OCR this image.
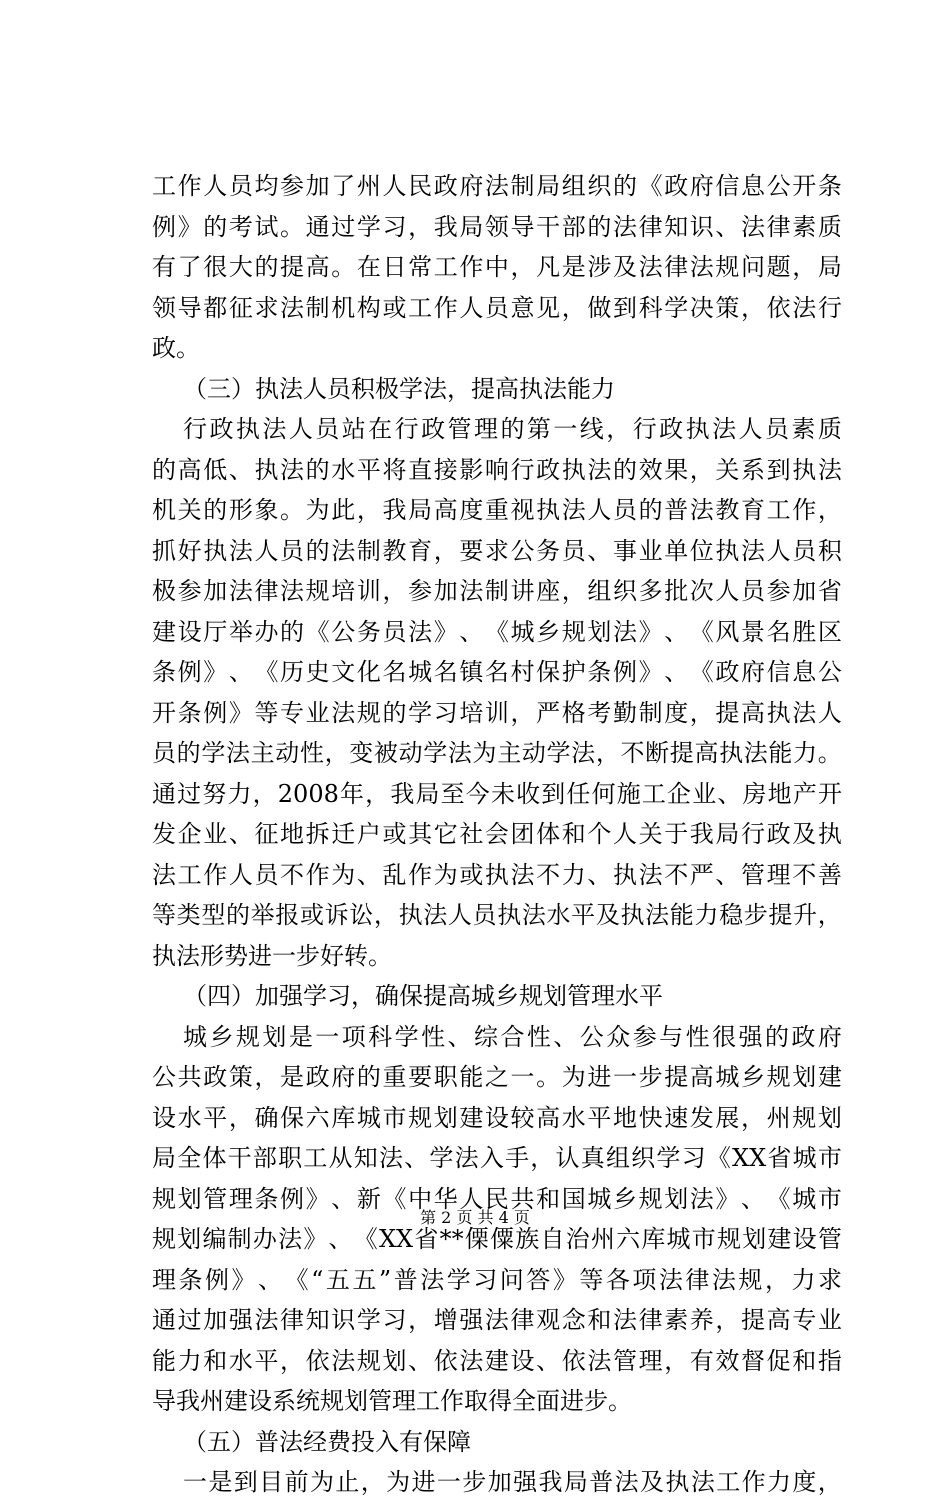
工 作 人 员 均 参 加 了 州 人 民 政 府 法 制 局 组 织 的 《 政 府 信 息 公 开 条
例 》 的 考 试 。 通 过 学 习 ， 我 局 领 导 干 部 的 法 律 知 识 、 法 律 素 质
有 了 很 大 的 提 高 。 在 日 常 工 作 中 ， 凡 是 涉 及 法 律 法 规 问 题 ， 局
领 导 都 征 求 法 制 机 构 或 工 作 人 员 意 见 ， 做 到 科 学 决 策 ， 依 法 行
政。
（三）执法人员积极学法，提高执法能力
行 政 执 法 人 员 站 在 行 政 管 理 的 第 一 线 ， 行 政 执 法 人 员 素 质
的 高 低 、 执 法 的 水 平 将 直 接 影 响 行 政 执 法 的 效 果 ， 关 系 到 执 法
机 关 的 形 象 。 为 此 ， 我 局 高 度 重 视 执 法 人 员 的 普 法 教 育 工 作 ，
抓 好 执 法 人 员 的 法 制 教 育 ， 要 求 公 务 员 、 事 业 单 位 执 法 人 员 积
极 参 加 法 律 法 规 培 训 ， 参 加 法 制 讲 座 ， 组 织 多 批 次 人 员 参 加 省
建 设 厅 举 办 的 《 公 务 员 法 》 、 《 城 乡 规 划 法 》 、 《 风 景 名 胜 区
条 例 》 、 《 历 史 文 化 名 城 名 镇 名 村 保 护 条 例 》 、 《 政 府 信 息 公
开 条 例 》 等 专 业 法 规 的 学 习 培 训 ， 严 格 考 勤 制 度 ， 提 高 执 法 人
员 的 学 法 主 动 性 ， 变 被 动 学 法 为 主 动 学 法 ， 不 断 提 高 执 法 能 力 。
通 过 努 力 ， 2008 年 ， 我 局 至 今 未 收 到 任 何 施 工 企 业 、 房 地 产 开
发 企 业 、 征 地 拆 迁 户 或 其 它 社 会 团 体 和 个 人 关 于 我 局 行 政 及 执
法 工 作 人 员 不 作 为 、 乱 作 为 或 执 法 不 力 、 执 法 不 严 、 管 理 不 善
等 类 型 的 举 报 或 诉 讼 ， 执 法 人 员 执 法 水 平 及 执 法 能 力 稳 步 提 升 ，
执法形势进一步好转。
（四）加强学习，确保提高城乡规划管理水平
城 乡 规 划 是 一 项 科 学 性 、 综 合 性 、 公 众 参 与 性 很 强 的 政 府
公 共 政 策 ， 是 政 府 的 重 要 职 能 之 一 。 为 进 一 步 提 高 城 乡 规 划 建
设 水 平 ， 确 保 六 库 城 市 规 划 建 设 较 高 水 平 地 快 速 发 展 ， 州 规 划
局 全 体 干 部 职 工 从 知 法 、 学 法 入 手 ， 认 真 组 织 学 习 《 XX 省 城 市
规 划 管 理 条 例 》 、 新 《 中 华 人 民 共 和 国 城 乡 规 划 法 》 、 《 城 市
规 划 编 制 办 法 》 、 《 XX 省 ** 傈 僳 族 自 治 州 六 库 城 市 规 划 建 设 管
理 条 例 》 、 《 “ 五 五 ” 普 法 学 习 问 答 》 等 各 项 法 律 法 规 ， 力 求
通 过 加 强 法 律 知 识 学 习 ， 增 强 法 律 观 念 和 法 律 素 养 ， 提 高 专 业
能 力 和 水 平 ， 依 法 规 划 、 依 法 建 设 、 依 法 管 理 ， 有 效 督 促 和 指
导我州建设系统规划管理工作取得全面进步。
（五）普法经费投入有保障
一 是 到 目 前 为 止 ， 为 进 一 步 加 强 我 局 普 法 及 执 法 工 作 力 度 ，
第 2 页 共 4 页
